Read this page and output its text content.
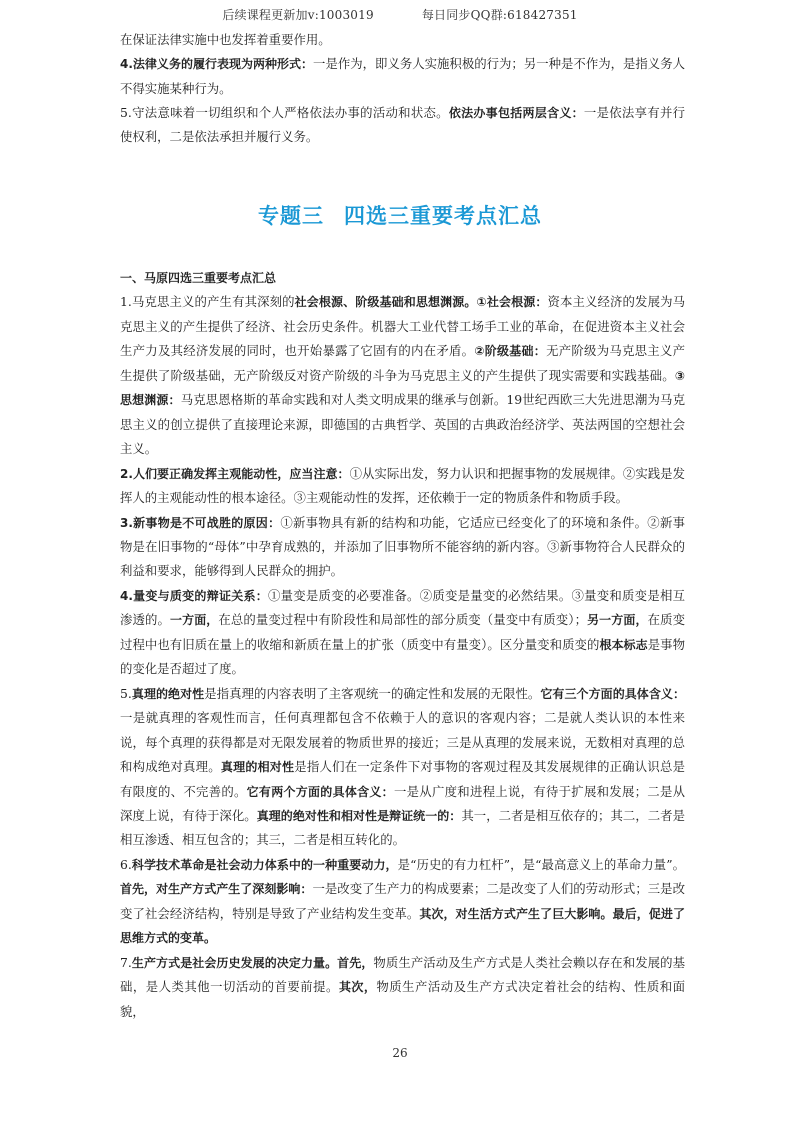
后续课程更新加v:1003019	每日同步QQ群:618427351

在保证法律实施中也发挥着重要作用。

4.法律义务的履行表现为两种形式：一是作为，即义务人实施积极的行为；另一种是不作为，是指义务人不得实施某种行为。

5.守法意味着一切组织和个人严格依法办事的活动和状态。依法办事包括两层含义：一是依法享有并行使权利，二是依法承担并履行义务。

专题三 四选三重要考点汇总

一、马原四选三重要考点汇总

1.马克思主义的产生有其深刻的社会根源、阶级基础和思想渊源。①社会根源：资本主义经济的发展为马克思主义的产生提供了经济、社会历史条件。机器大工业代替工场手工业的革命，在促进资本主义社会生产力及其经济发展的同时，也开始暴露了它固有的内在矛盾。②阶级基础：无产阶级为马克思主义产生提供了阶级基础，无产阶级反对资产阶级的斗争为马克思主义的产生提供了现实需要和实践基础。③思想渊源：马克思恩格斯的革命实践和对人类文明成果的继承与创新。19世纪西欧三大先进思潮为马克思主义的创立提供了直接理论来源，即德国的古典哲学、英国的古典政治经济学、英法两国的空想社会主义。

2.人们要正确发挥主观能动性，应当注意：①从实际出发，努力认识和把握事物的发展规律。②实践是发挥人的主观能动性的根本途径。③主观能动性的发挥，还依赖于一定的物质条件和物质手段。

3.新事物是不可战胜的原因：①新事物具有新的结构和功能，它适应已经变化了的环境和条件。②新事物是在旧事物的“母体”中孕育成熟的，并添加了旧事物所不能容纳的新内容。③新事物符合人民群众的利益和要求，能够得到人民群众的拥护。

4.量变与质变的辩证关系：①量变是质变的必要准备。②质变是量变的必然结果。③量变和质变是相互渗透的。一方面，在总的量变过程中有阶段性和局部性的部分质变（量变中有质变）；另一方面，在质变过程中也有旧质在量上的收缩和新质在量上的扩张（质变中有量变）。区分量变和质变的根本标志是事物的变化是否超过了度。

5.真理的绝对性是指真理的内容表明了主客观统一的确定性和发展的无限性。它有三个方面的具体含义：一是就真理的客观性而言，任何真理都包含不依赖于人的意识的客观内容；二是就人类认识的本性来说，每个真理的获得都是对无限发展着的物质世界的接近；三是从真理的发展来说，无数相对真理的总和构成绝对真理。真理的相对性是指人们在一定条件下对事物的客观过程及其发展规律的正确认识总是有限度的、不完善的。它有两个方面的具体含义：一是从广度和进程上说，有待于扩展和发展；二是从深度上说，有待于深化。真理的绝对性和相对性是辩证统一的：其一，二者是相互依存的；其二，二者是相互渗透、相互包含的；其三，二者是相互转化的。

6.科学技术革命是社会动力体系中的一种重要动力，是“历史的有力杠杆”，是“最高意义上的革命力量”。首先，对生产方式产生了深刻影响：一是改变了生产力的构成要素；二是改变了人们的劳动形式；三是改变了社会经济结构，特别是导致了产业结构发生变革。其次，对生活方式产生了巨大影响。最后，促进了思维方式的变革。

7.生产方式是社会历史发展的决定力量。首先，物质生产活动及生产方式是人类社会赖以存在和发展的基础，是人类其他一切活动的首要前提。其次，物质生产活动及生产方式决定着社会的结构、性质和面貌，

26
